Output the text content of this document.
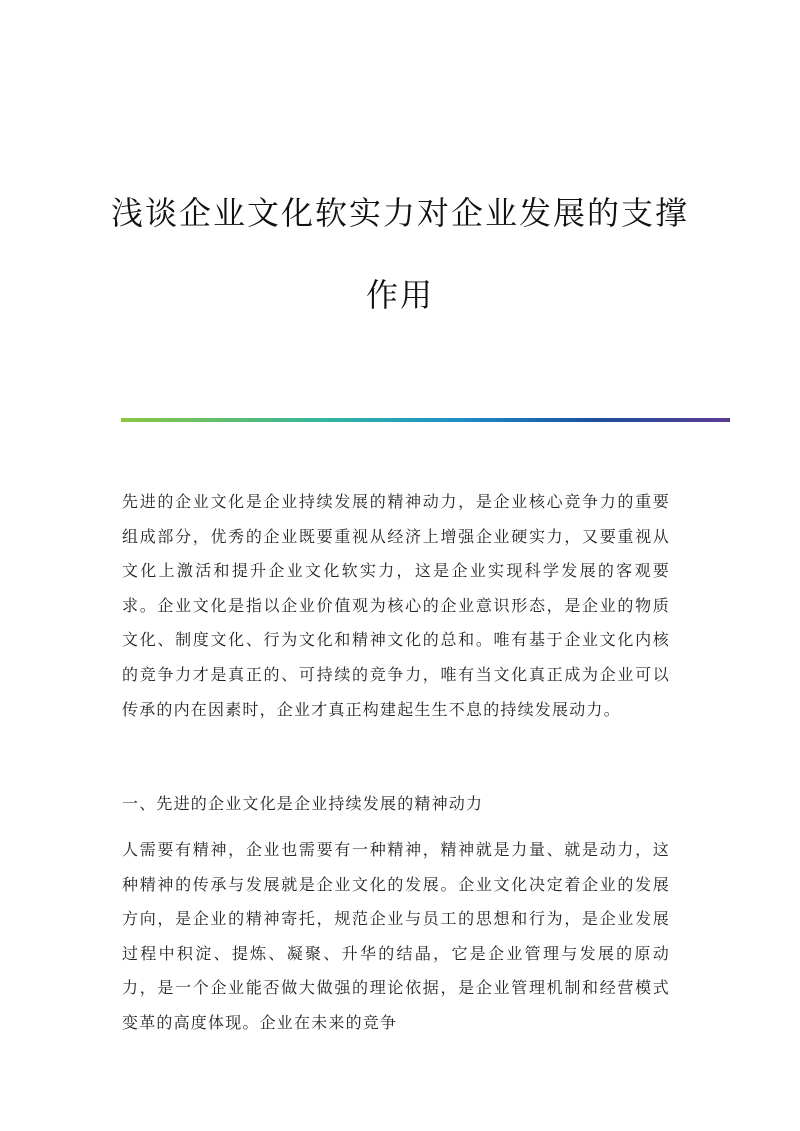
浅谈企业文化软实力对企业发展的支撑
作用
先进的企业文化是企业持续发展的精神动力，是企业核心竞争力的重要组成部分，优秀的企业既要重视从经济上增强企业硬实力，又要重视从文化上激活和提升企业文化软实力，这是企业实现科学发展的客观要求。企业文化是指以企业价值观为核心的企业意识形态，是企业的物质文化、制度文化、行为文化和精神文化的总和。唯有基于企业文化内核的竞争力才是真正的、可持续的竞争力，唯有当文化真正成为企业可以传承的内在因素时，企业才真正构建起生生不息的持续发展动力。
一、先进的企业文化是企业持续发展的精神动力
人需要有精神，企业也需要有一种精神，精神就是力量、就是动力，这种精神的传承与发展就是企业文化的发展。企业文化决定着企业的发展方向，是企业的精神寄托，规范企业与员工的思想和行为，是企业发展过程中积淀、提炼、凝聚、升华的结晶，它是企业管理与发展的原动力，是一个企业能否做大做强的理论依据，是企业管理机制和经营模式变革的高度体现。企业在未来的竞争
